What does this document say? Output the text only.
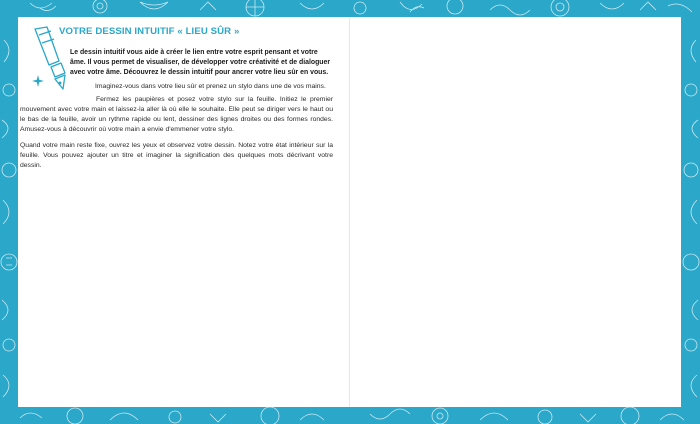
VOTRE DESSIN INTUITIF « LIEU SÛR »

Le dessin intuitif vous aide à créer le lien entre votre esprit pensant et votre âme. Il vous permet de visualiser, de développer votre créativité et de dialoguer avec votre âme. Découvrez le dessin intuitif pour ancrer votre lieu sûr en vous.

Imaginez-vous dans votre lieu sûr et prenez un stylo dans une de vos mains.

Fermez les paupières et posez votre stylo sur la feuille. Initiez le premier mouvement avec votre main et laissez-la aller là où elle le souhaite. Elle peut se diriger vers le haut ou le bas de la feuille, avoir un rythme rapide ou lent, dessiner des lignes droites ou des formes rondes. Amusez-vous à découvrir où votre main a envie d'emmener votre stylo.

Quand votre main reste fixe, ouvrez les yeux et observez votre dessin. Notez votre état intérieur sur la feuille. Vous pouvez ajouter un titre et imaginer la signification des quelques mots décrivant votre dessin.
